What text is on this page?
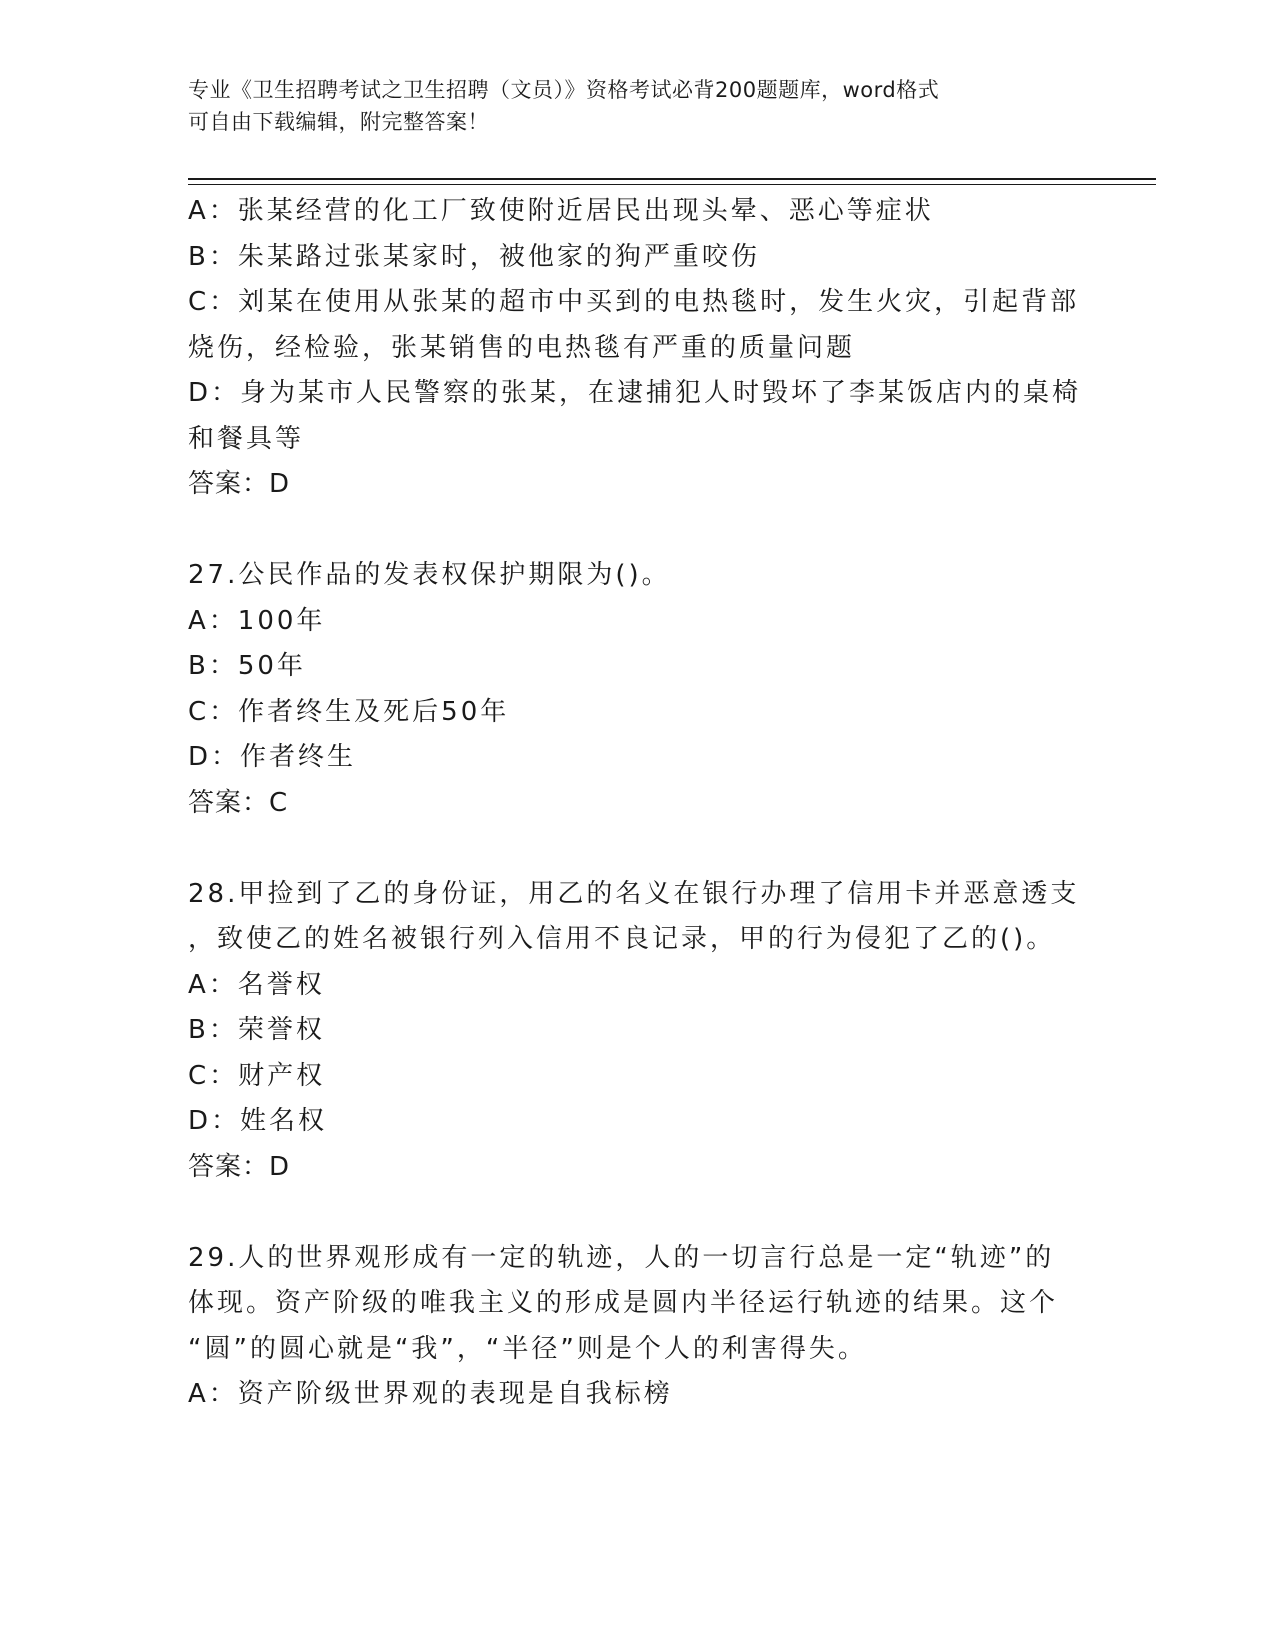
专业《卫生招聘考试之卫生招聘（文员）》资格考试必背200题题库，word格式
可自由下载编辑，附完整答案！
A：张某经营的化工厂致使附近居民出现头晕、恶心等症状
B：朱某路过张某家时，被他家的狗严重咬伤
C：刘某在使用从张某的超市中买到的电热毯时，发生火灾，引起背部
烧伤，经检验，张某销售的电热毯有严重的质量问题
D：身为某市人民警察的张某，在逮捕犯人时毁坏了李某饭店内的桌椅
和餐具等
答案：D
27.公民作品的发表权保护期限为()。
A：100年
B：50年
C：作者终生及死后50年
D：作者终生
答案：C
28.甲捡到了乙的身份证，用乙的名义在银行办理了信用卡并恶意透支
，致使乙的姓名被银行列入信用不良记录，甲的行为侵犯了乙的()。
A：名誉权
B：荣誉权
C：财产权
D：姓名权
答案：D
29.人的世界观形成有一定的轨迹，人的一切言行总是一定“轨迹”的
体现。资产阶级的唯我主义的形成是圆内半径运行轨迹的结果。这个
“圆”的圆心就是“我”，“半径”则是个人的利害得失。
A：资产阶级世界观的表现是自我标榜
